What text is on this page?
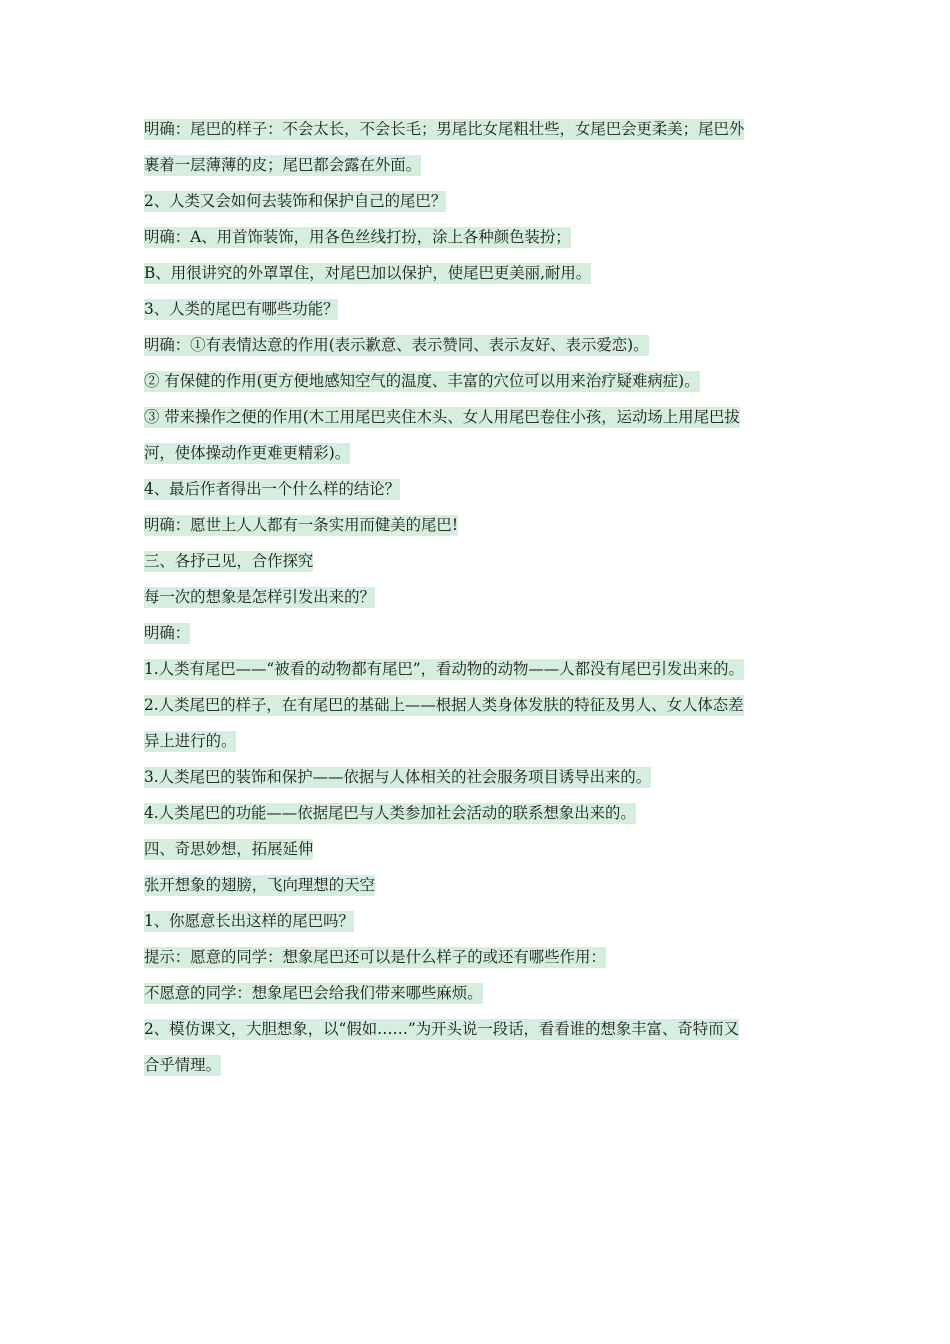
明确：尾巴的样子：不会太长，不会长毛；男尾比女尾粗壮些，女尾巴会更柔美；尾巴外
裹着一层薄薄的皮；尾巴都会露在外面。
2、人类又会如何去装饰和保护自己的尾巴？
明确：A、用首饰装饰，用各色丝线打扮，涂上各种颜色装扮；
B、用很讲究的外罩罩住，对尾巴加以保护，使尾巴更美丽,耐用。
3、人类的尾巴有哪些功能？
明确：①有表情达意的作用(表示歉意、表示赞同、表示友好、表示爱恋)。
② 有保健的作用(更方便地感知空气的温度、丰富的穴位可以用来治疗疑难病症)。
③ 带来操作之便的作用(木工用尾巴夹住木头、女人用尾巴卷住小孩，运动场上用尾巴拔
河，使体操动作更难更精彩)。
4、最后作者得出一个什么样的结论？
明确：愿世上人人都有一条实用而健美的尾巴!
三、各抒己见，合作探究
每一次的想象是怎样引发出来的？
明确：
1.人类有尾巴——“被看的动物都有尾巴”，看动物的动物——人都没有尾巴引发出来的。
2.人类尾巴的样子，在有尾巴的基础上——根据人类身体发肤的特征及男人、女人体态差
异上进行的。
3.人类尾巴的装饰和保护——依据与人体相关的社会服务项目诱导出来的。
4.人类尾巴的功能——依据尾巴与人类参加社会活动的联系想象出来的。
四、奇思妙想，拓展延伸
张开想象的翅膀，飞向理想的天空
1、你愿意长出这样的尾巴吗？
提示：愿意的同学：想象尾巴还可以是什么样子的或还有哪些作用：
不愿意的同学：想象尾巴会给我们带来哪些麻烦。
2、模仿课文，大胆想象，以“假如……”为开头说一段话，看看谁的想象丰富、奇特而又
合乎情理。
